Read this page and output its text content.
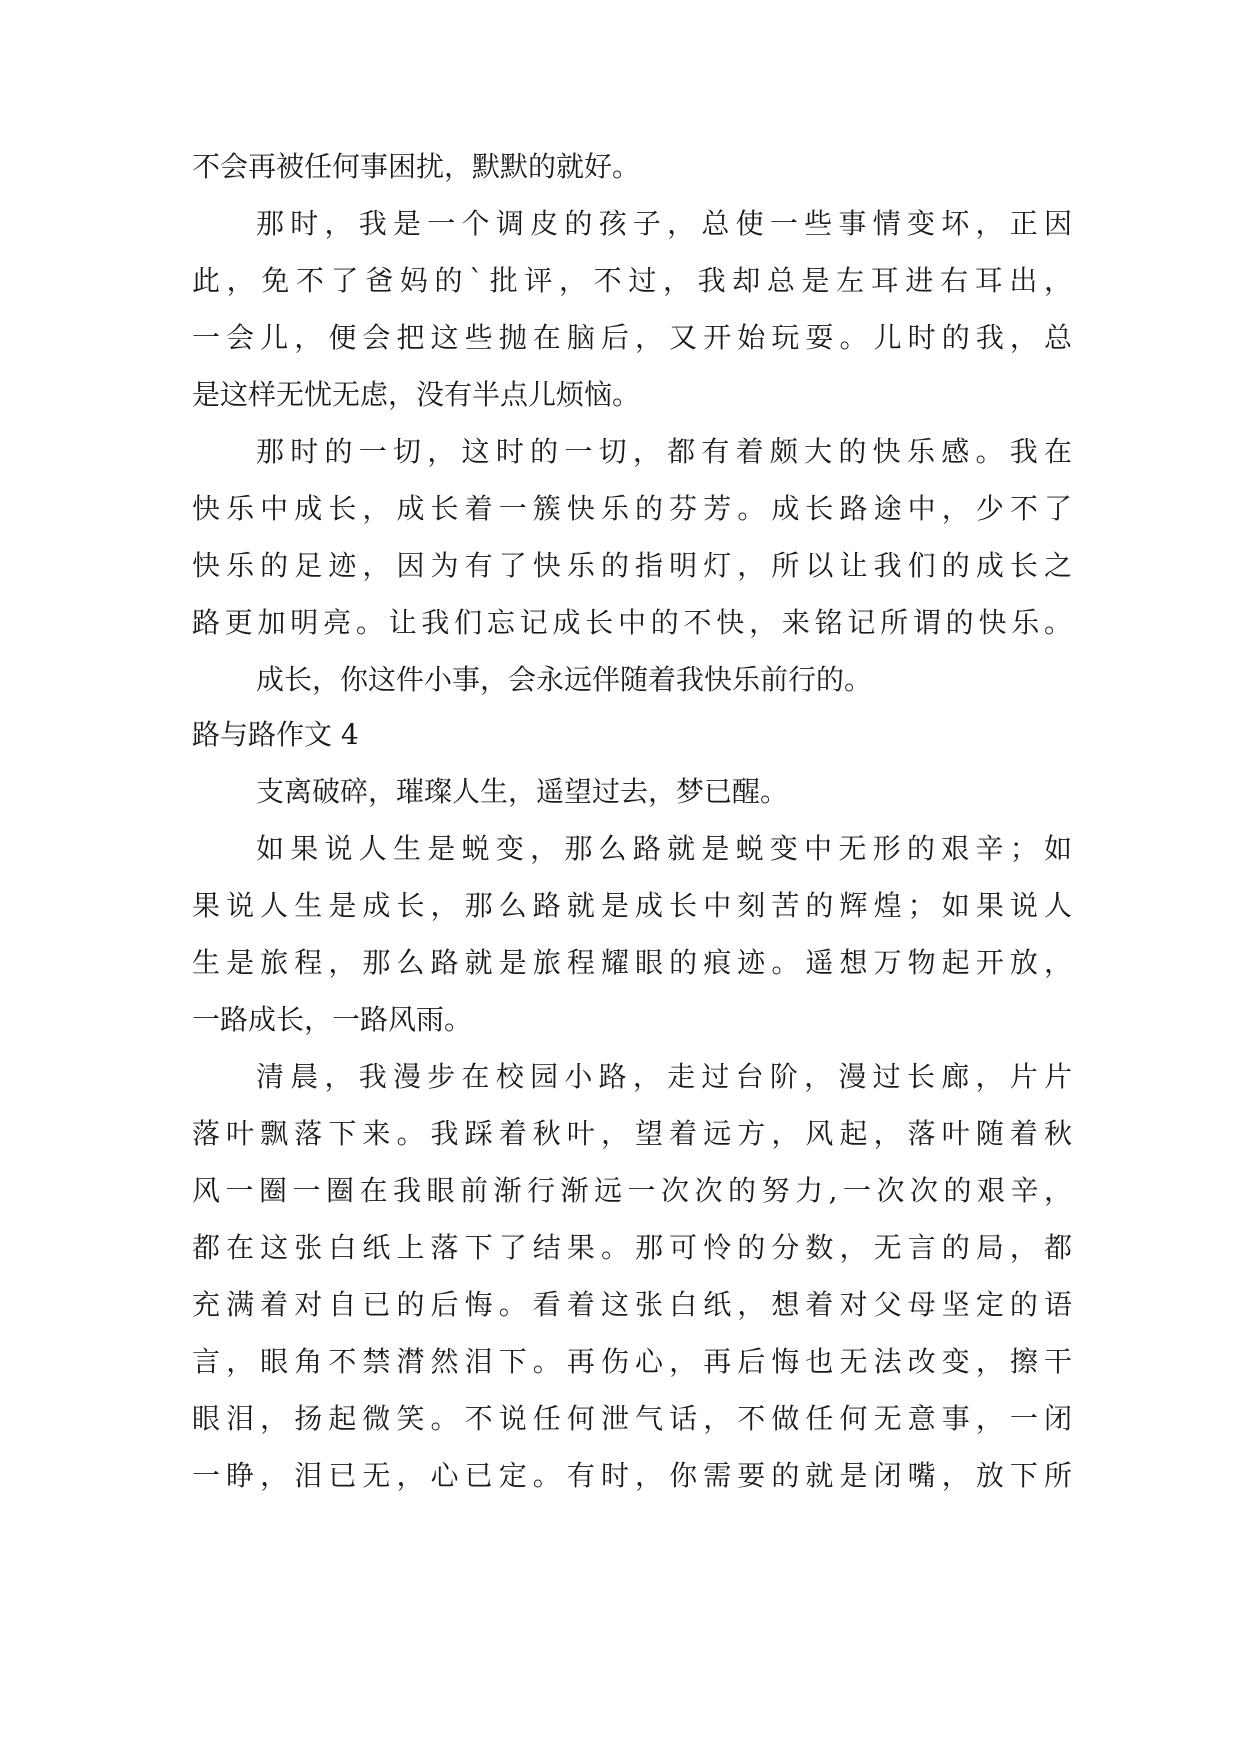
不会再被任何事困扰，默默的就好。
那时，我是一个调皮的孩子，总使一些事情变坏，正因
此，免不了爸妈的`批评，不过，我却总是左耳进右耳出，
一会儿，便会把这些抛在脑后，又开始玩耍。儿时的我，总
是这样无忧无虑，没有半点儿烦恼。
那时的一切，这时的一切，都有着颇大的快乐感。我在
快乐中成长，成长着一簇快乐的芬芳。成长路途中，少不了
快乐的足迹，因为有了快乐的指明灯，所以让我们的成长之
路更加明亮。让我们忘记成长中的不快，来铭记所谓的快乐。
成长，你这件小事，会永远伴随着我快乐前行的。
路与路作文 4
支离破碎，璀璨人生，遥望过去，梦已醒。
如果说人生是蜕变，那么路就是蜕变中无形的艰辛；如
果说人生是成长，那么路就是成长中刻苦的辉煌；如果说人
生是旅程，那么路就是旅程耀眼的痕迹。遥想万物起开放，
一路成长，一路风雨。
清晨，我漫步在校园小路，走过台阶，漫过长廊，片片
落叶飘落下来。我踩着秋叶，望着远方，风起，落叶随着秋
风一圈一圈在我眼前渐行渐远一次次的努力,一次次的艰辛，
都在这张白纸上落下了结果。那可怜的分数，无言的局，都
充满着对自已的后悔。看着这张白纸，想着对父母坚定的语
言，眼角不禁潸然泪下。再伤心，再后悔也无法改变，擦干
眼泪，扬起微笑。不说任何泄气话，不做任何无意事，一闭
一睁，泪已无，心已定。有时，你需要的就是闭嘴，放下所
